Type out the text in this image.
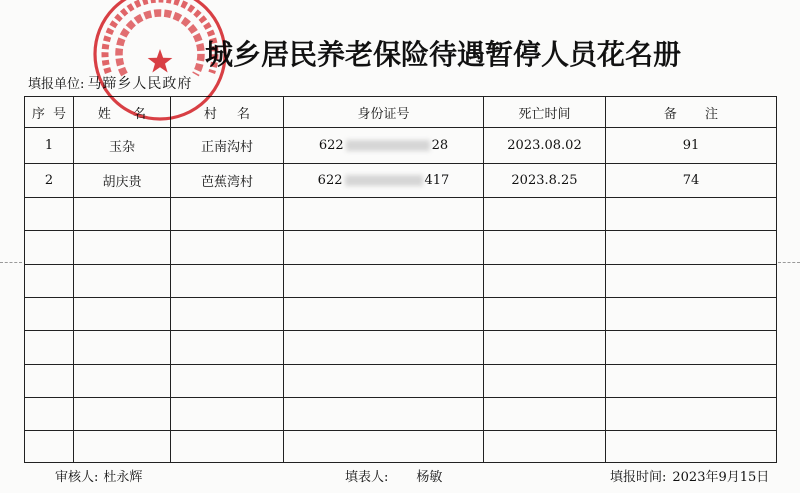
城乡居民养老保险待遇暂停人员花名册
填报单位: 马蹄乡人民政府
序 号	姓 名	村 名	身份证号	死亡时间	备 注
1	玉杂	正南沟村	622 28	2023.08.02	91
2	胡庆贵	芭蕉湾村	622 417	2023.8.25	74

审核人: 杜永辉	填表人: 杨敏	填报时间: 2023年9月15日
